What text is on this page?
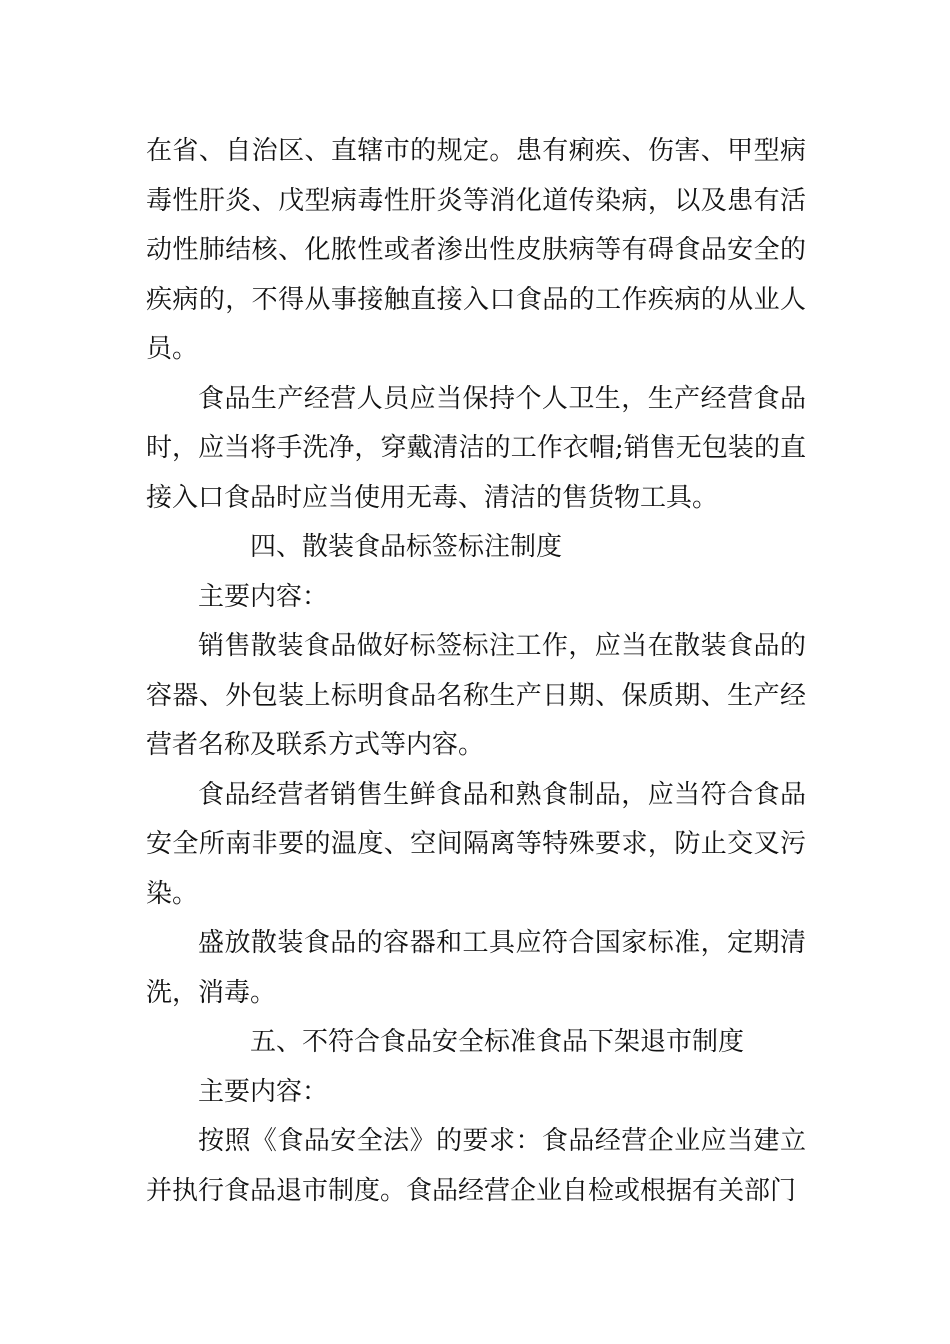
在省、自治区、直辖市的规定。患有痢疾、伤害、甲型病毒性肝炎、戊型病毒性肝炎等消化道传染病，以及患有活动性肺结核、化脓性或者渗出性皮肤病等有碍食品安全的疾病的，不得从事接触直接入口食品的工作疾病的从业人员。

食品生产经营人员应当保持个人卫生，生产经营食品时，应当将手洗净，穿戴清洁的工作衣帽;销售无包装的直接入口食品时应当使用无毒、清洁的售货物工具。

四、散装食品标签标注制度

主要内容：

销售散装食品做好标签标注工作，应当在散装食品的容器、外包装上标明食品名称生产日期、保质期、生产经营者名称及联系方式等内容。

食品经营者销售生鲜食品和熟食制品，应当符合食品安全所南非要的温度、空间隔离等特殊要求，防止交叉污染。

盛放散装食品的容器和工具应符合国家标准，定期清洗，消毒。

五、不符合食品安全标准食品下架退市制度

主要内容：

按照《食品安全法》的要求：食品经营企业应当建立并执行食品退市制度。食品经营企业自检或根据有关部门
